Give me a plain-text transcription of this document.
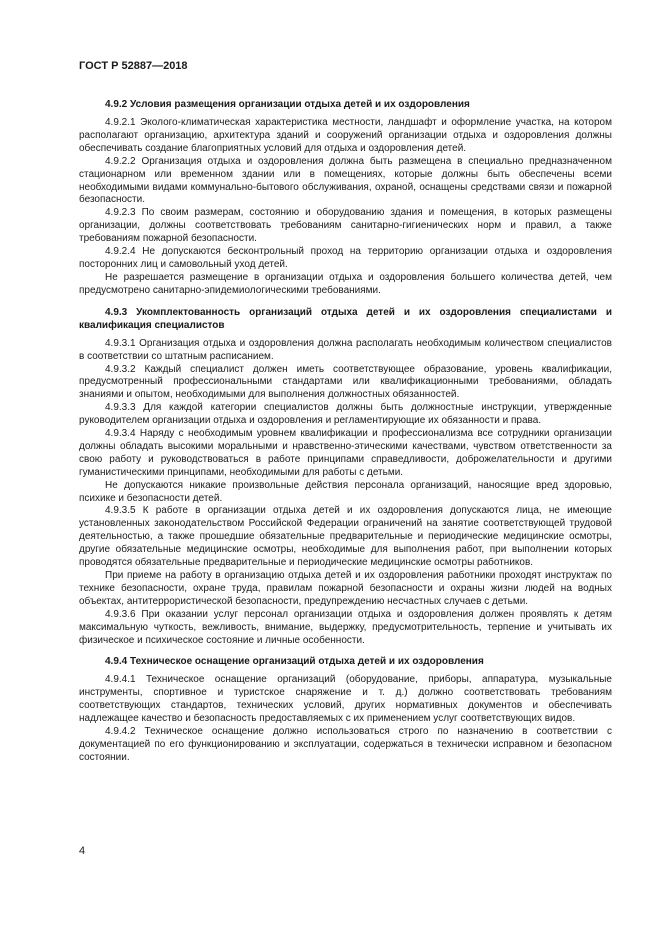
ГОСТ Р 52887—2018
4.9.2 Условия размещения организации отдыха детей и их оздоровления

4.9.2.1 Эколого-климатическая характеристика местности, ландшафт и оформление участка, на котором располагают организацию, архитектура зданий и сооружений организации отдыха и оздоровления должны обеспечивать создание благоприятных условий для отдыха и оздоровления детей.

4.9.2.2 Организация отдыха и оздоровления должна быть размещена в специально предназначенном стационарном или временном здании или в помещениях, которые должны быть обеспечены всеми необходимыми видами коммунально-бытового обслуживания, охраной, оснащены средствами связи и пожарной безопасности.

4.9.2.3 По своим размерам, состоянию и оборудованию здания и помещения, в которых размещены организации, должны соответствовать требованиям санитарно-гигиенических норм и правил, а также требованиям пожарной безопасности.

4.9.2.4 Не допускаются бесконтрольный проход на территорию организации отдыха и оздоровления посторонних лиц и самовольный уход детей.

Не разрешается размещение в организации отдыха и оздоровления большего количества детей, чем предусмотрено санитарно-эпидемиологическими требованиями.

4.9.3 Укомплектованность организаций отдыха детей и их оздоровления специалистами и квалификация специалистов

4.9.3.1 Организация отдыха и оздоровления должна располагать необходимым количеством специалистов в соответствии со штатным расписанием.

4.9.3.2 Каждый специалист должен иметь соответствующее образование, уровень квалификации, предусмотренный профессиональными стандартами или квалификационными требованиями, обладать знаниями и опытом, необходимыми для выполнения должностных обязанностей.

4.9.3.3 Для каждой категории специалистов должны быть должностные инструкции, утвержденные руководителем организации отдыха и оздоровления и регламентирующие их обязанности и права.

4.9.3.4 Наряду с необходимым уровнем квалификации и профессионализма все сотрудники организации должны обладать высокими моральными и нравственно-этическими качествами, чувством ответственности за свою работу и руководствоваться в работе принципами справедливости, доброжелательности и другими гуманистическими принципами, необходимыми для работы с детьми.

Не допускаются никакие произвольные действия персонала организаций, наносящие вред здоровью, психике и безопасности детей.

4.9.3.5 К работе в организации отдыха детей и их оздоровления допускаются лица, не имеющие установленных законодательством Российской Федерации ограничений на занятие соответствующей трудовой деятельностью, а также прошедшие обязательные предварительные и периодические медицинские осмотры, другие обязательные медицинские осмотры, необходимые для выполнения работ, при выполнении которых проводятся обязательные предварительные и периодические медицинские осмотры работников.

При приеме на работу в организацию отдыха детей и их оздоровления работники проходят инструктаж по технике безопасности, охране труда, правилам пожарной безопасности и охраны жизни людей на водных объектах, антитеррористической безопасности, предупреждению несчастных случаев с детьми.

4.9.3.6 При оказании услуг персонал организации отдыха и оздоровления должен проявлять к детям максимальную чуткость, вежливость, внимание, выдержку, предусмотрительность, терпение и учитывать их физическое и психическое состояние и личные особенности.

4.9.4 Техническое оснащение организаций отдыха детей и их оздоровления

4.9.4.1 Техническое оснащение организаций (оборудование, приборы, аппаратура, музыкальные инструменты, спортивное и туристское снаряжение и т. д.) должно соответствовать требованиям соответствующих стандартов, технических условий, других нормативных документов и обеспечивать надлежащее качество и безопасность предоставляемых с их применением услуг соответствующих видов.

4.9.4.2 Техническое оснащение должно использоваться строго по назначению в соответствии с документацией по его функционированию и эксплуатации, содержаться в технически исправном и безопасном состоянии.

4
